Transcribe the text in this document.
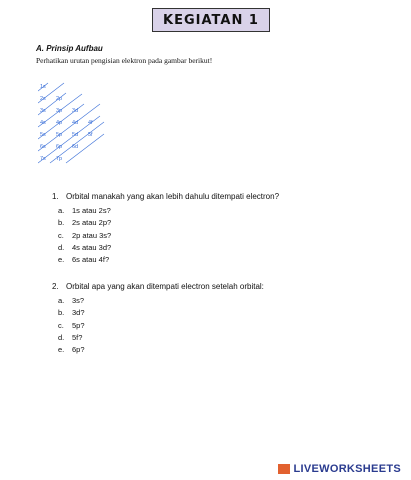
KEGIATAN 1
A. Prinsip Aufbau
Perhatikan urutan pengisian elektron pada gambar berikut!
1s
2s 2p
3s 3p 3d
4s 4p 4d 4f
5s 5p 5d 5f
6s 6p 6d
7s 7p
1. Orbital manakah yang akan lebih dahulu ditempati electron?
a. 1s atau 2s?
b. 2s atau 2p?
c. 2p atau 3s?
d. 4s atau 3d?
e. 6s atau 4f?
2. Orbital apa yang akan ditempati electron setelah orbital:
a. 3s?
b. 3d?
c. 5p?
d. 5f?
e. 6p?
LIVEWORKSHEETS
